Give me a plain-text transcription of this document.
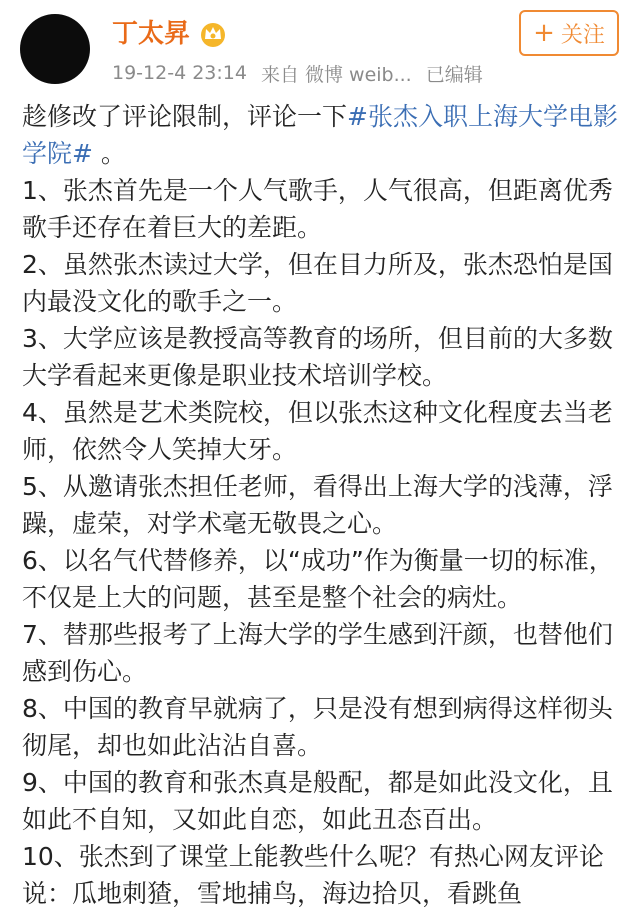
丁太昇	+ 关注
19-12-4 23:14 来自 微博 weib... 已编辑

趁修改了评论限制，评论一下#张杰入职上海大学电影学院# 。

1、张杰首先是一个人气歌手，人气很高，但距离优秀歌手还存在着巨大的差距。

2、虽然张杰读过大学，但在目力所及，张杰恐怕是国内最没文化的歌手之一。

3、大学应该是教授高等教育的场所，但目前的大多数大学看起来更像是职业技术培训学校。

4、虽然是艺术类院校，但以张杰这种文化程度去当老师，依然令人笑掉大牙。

5、从邀请张杰担任老师，看得出上海大学的浅薄，浮躁，虚荣，对学术毫无敬畏之心。

6、以名气代替修养，以“成功”作为衡量一切的标准，不仅是上大的问题，甚至是整个社会的病灶。

7、替那些报考了上海大学的学生感到汗颜，也替他们感到伤心。

8、中国的教育早就病了，只是没有想到病得这样彻头彻尾，却也如此沾沾自喜。

9、中国的教育和张杰真是般配，都是如此没文化，且如此不自知，又如此自恋，如此丑态百出。

10、张杰到了课堂上能教些什么呢？有热心网友评论说：瓜地刺猹，雪地捕鸟，海边拾贝，看跳鱼
